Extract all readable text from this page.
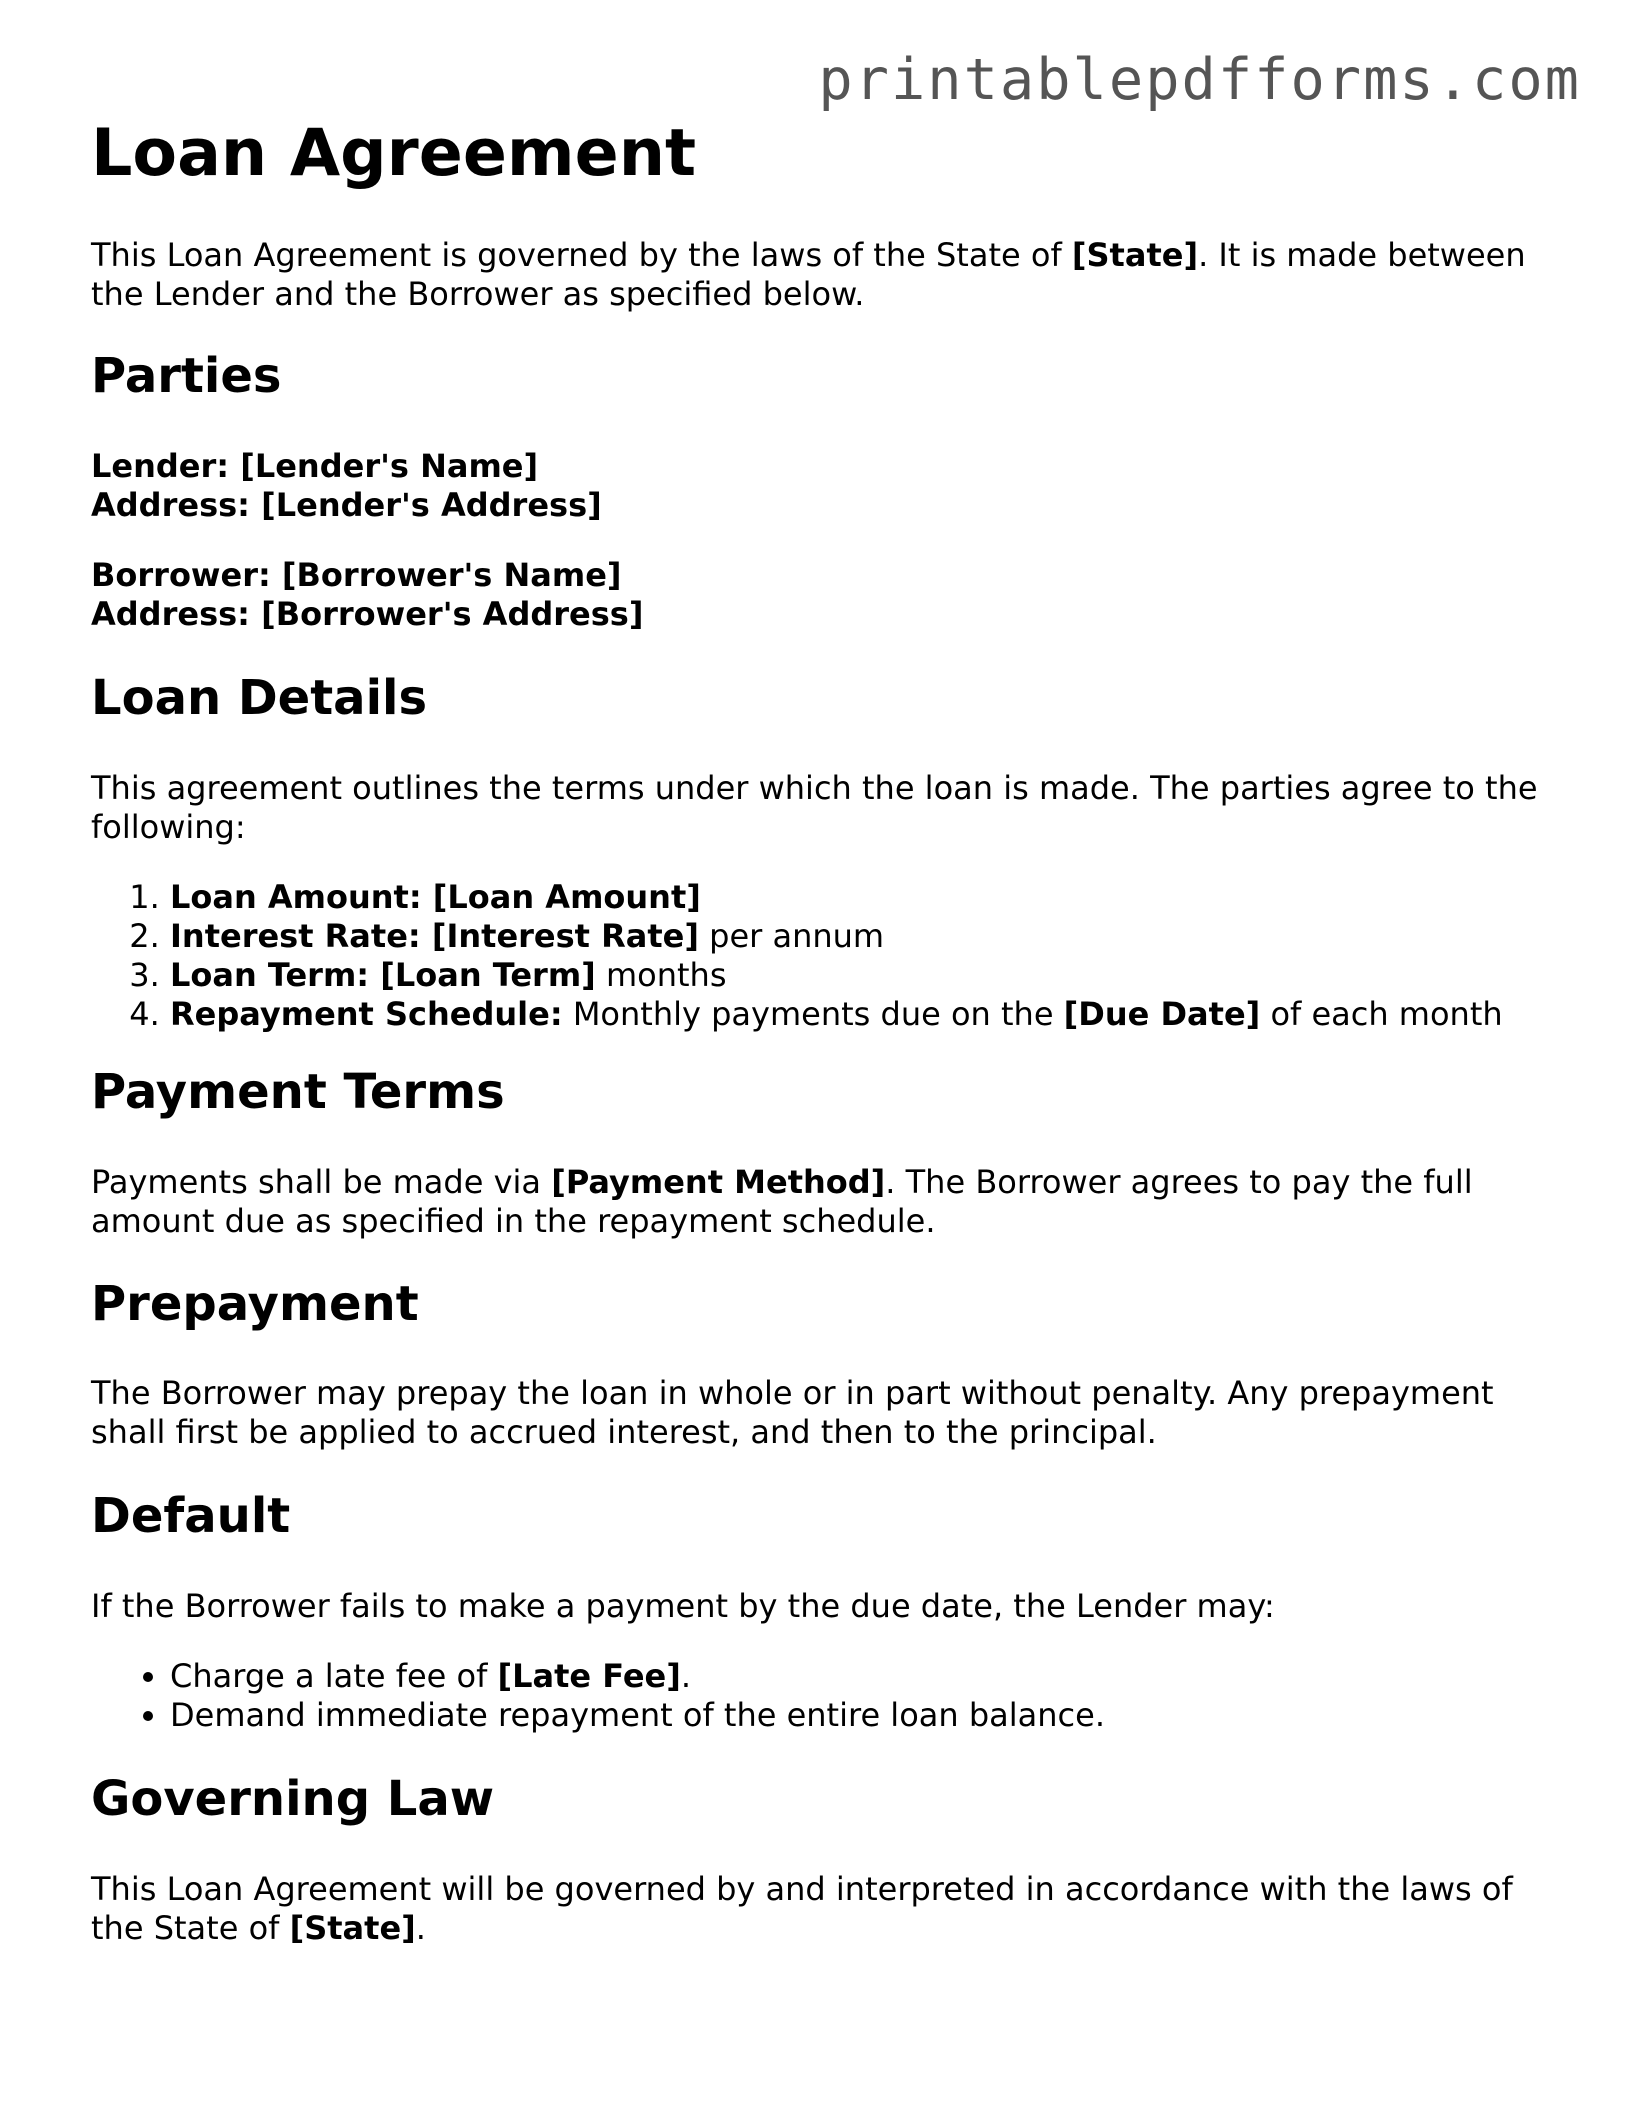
printablepdfforms.com
Loan Agreement
This Loan Agreement is governed by the laws of the State of [State]. It is made between
the Lender and the Borrower as specified below.
Parties
Lender: [Lender's Name]
Address: [Lender's Address]
Borrower: [Borrower's Name]
Address: [Borrower's Address]
Loan Details
This agreement outlines the terms under which the loan is made. The parties agree to the
following:
1. Loan Amount: [Loan Amount]
2. Interest Rate: [Interest Rate] per annum
3. Loan Term: [Loan Term] months
4. Repayment Schedule: Monthly payments due on the [Due Date] of each month
Payment Terms
Payments shall be made via [Payment Method]. The Borrower agrees to pay the full
amount due as specified in the repayment schedule.
Prepayment
The Borrower may prepay the loan in whole or in part without penalty. Any prepayment
shall first be applied to accrued interest, and then to the principal.
Default
If the Borrower fails to make a payment by the due date, the Lender may:
• Charge a late fee of [Late Fee].
• Demand immediate repayment of the entire loan balance.
Governing Law
This Loan Agreement will be governed by and interpreted in accordance with the laws of
the State of [State].
